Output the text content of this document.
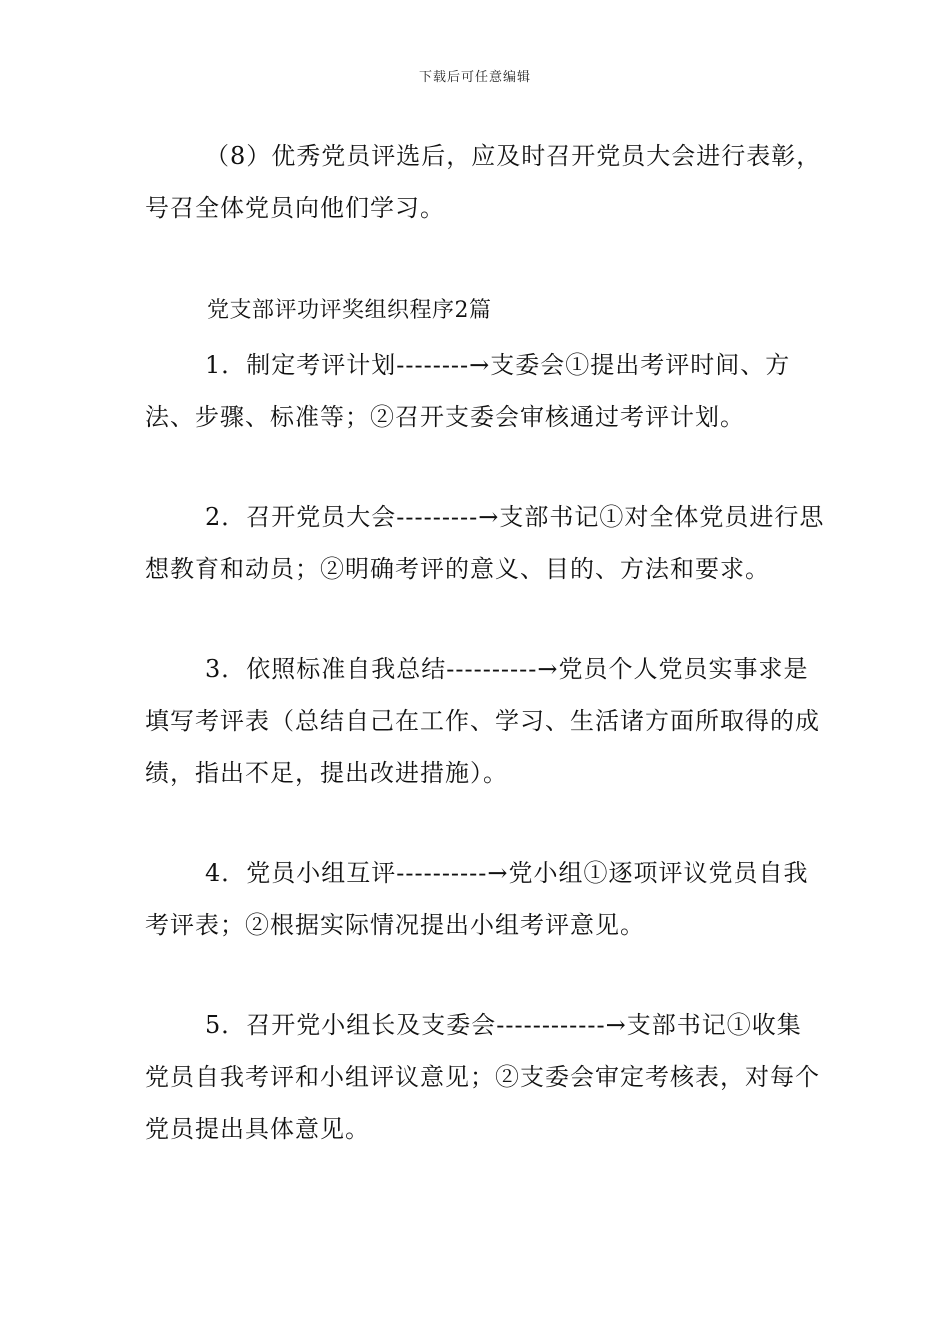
下载后可任意编辑

（8）优秀党员评选后，应及时召开党员大会进行表彰，号召全体党员向他们学习。

党支部评功评奖组织程序2篇

1．制定考评计划--------→支委会①提出考评时间、方法、步骤、标准等；②召开支委会审核通过考评计划。

2．召开党员大会---------→支部书记①对全体党员进行思想教育和动员；②明确考评的意义、目的、方法和要求。

3．依照标准自我总结----------→党员个人党员实事求是填写考评表（总结自己在工作、学习、生活诸方面所取得的成绩，指出不足，提出改进措施）。

4．党员小组互评----------→党小组①逐项评议党员自我考评表；②根据实际情况提出小组考评意见。

5．召开党小组长及支委会------------→支部书记①收集党员自我考评和小组评议意见；②支委会审定考核表，对每个党员提出具体意见。
